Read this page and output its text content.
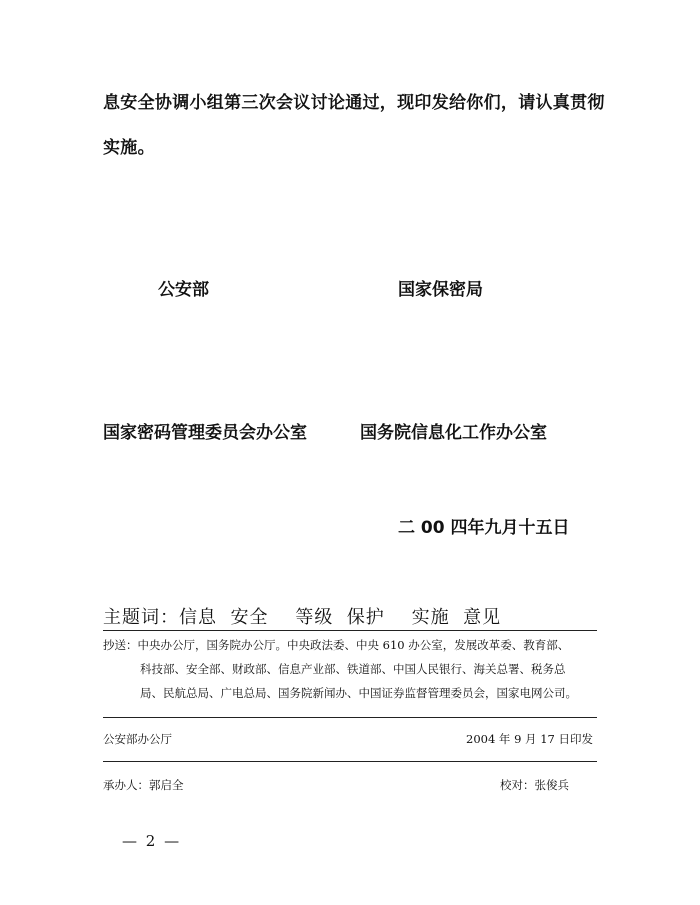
息安全协调小组第三次会议讨论通过，现印发给你们，请认真贯彻
实施。
公安部	国家保密局
国家密码管理委员会办公室	国务院信息化工作办公室
二 00 四年九月十五日
主题词：信息  安全    等级  保护    实施  意见
抄送：中央办公厅，国务院办公厅。中央政法委、中央 610 办公室，发展改革委、教育部、
科技部、安全部、财政部、信息产业部、铁道部、中国人民银行、海关总署、税务总
局、民航总局、广电总局、国务院新闻办、中国证券监督管理委员会，国家电网公司。
公安部办公厅	2004 年 9 月 17 日印发
承办人：郭启全	校对：张俊兵
— 2 —
